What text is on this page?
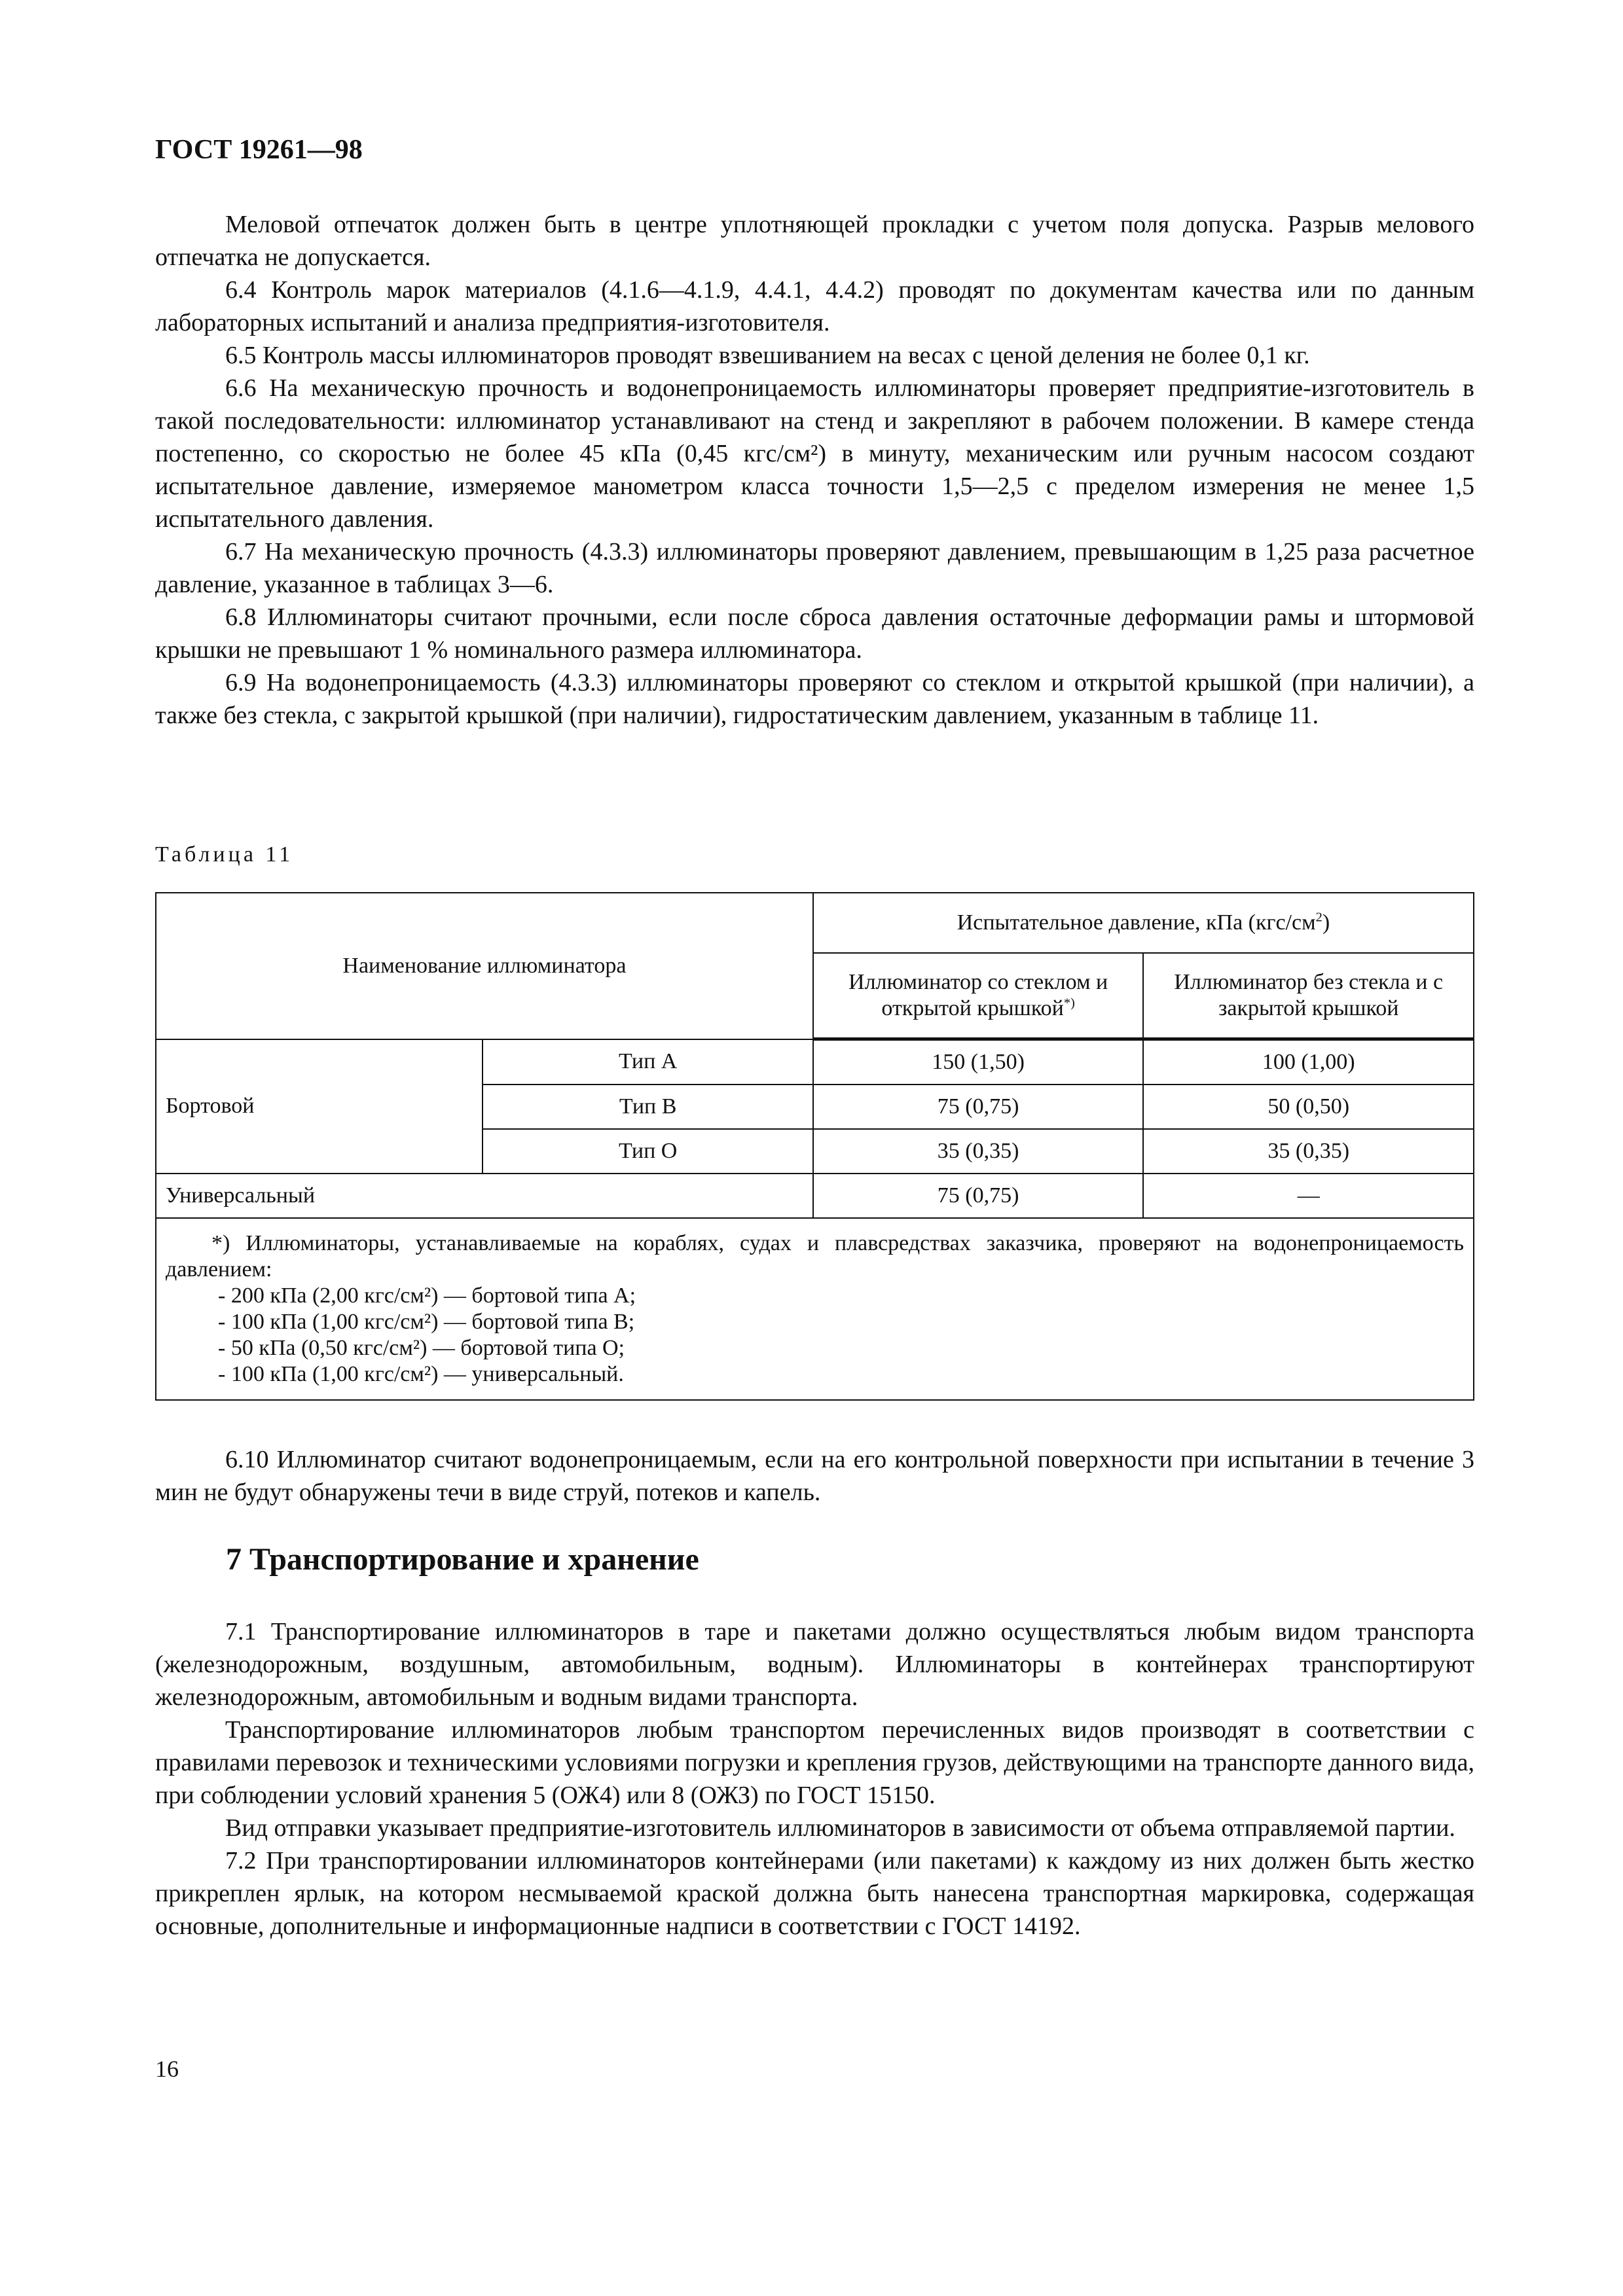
ГОСТ 19261—98

Меловой отпечаток должен быть в центре уплотняющей прокладки с учетом поля допуска. Разрыв мелового отпечатка не допускается.

6.4 Контроль марок материалов (4.1.6—4.1.9, 4.4.1, 4.4.2) проводят по документам качества или по данным лабораторных испытаний и анализа предприятия-изготовителя.

6.5 Контроль массы иллюминаторов проводят взвешиванием на весах с ценой деления не более 0,1 кг.

6.6 На механическую прочность и водонепроницаемость иллюминаторы проверяет предприятие-изготовитель в такой последовательности: иллюминатор устанавливают на стенд и закрепляют в рабочем положении. В камере стенда постепенно, со скоростью не более 45 кПа (0,45 кгс/см²) в минуту, механическим или ручным насосом создают испытательное давление, измеряемое манометром класса точности 1,5—2,5 с пределом измерения не менее 1,5 испытательного давления.

6.7 На механическую прочность (4.3.3) иллюминаторы проверяют давлением, превышающим в 1,25 раза расчетное давление, указанное в таблицах 3—6.

6.8 Иллюминаторы считают прочными, если после сброса давления остаточные деформации рамы и штормовой крышки не превышают 1 % номинального размера иллюминатора.

6.9 На водонепроницаемость (4.3.3) иллюминаторы проверяют со стеклом и открытой крышкой (при наличии), а также без стекла, с закрытой крышкой (при наличии), гидростатическим давлением, указанным в таблице 11.

Таблица 11
Наименование иллюминатора		Испытательное давление, кПа $(кгс/см^2)$	
		Иллюминатор со стеклом и открытой крышкой*)	Иллюминатор без стекла и с закрытой крышкой
Бортовой	Тип А	150 (1,50)	100 (1,00)
	Тип В	75 (0,75)	50 (0,50)
	Тип О	35 (0,35)	35 (0,35)
Универсальный		75 (0,75)	—

*) Иллюминаторы, устанавливаемые на кораблях, судах и плавсредствах заказчика, проверяют на водонепроницаемость давлением:
- 200 кПа (2,00 кгс/см²) — бортовой типа А;
- 100 кПа (1,00 кгс/см²) — бортовой типа В;
- 50 кПа (0,50 кгс/см²) — бортовой типа О;
- 100 кПа (1,00 кгс/см²) — универсальный.			

6.10 Иллюминатор считают водонепроницаемым, если на его контрольной поверхности при испытании в течение 3 мин не будут обнаружены течи в виде струй, потеков и капель.

7 Транспортирование и хранение

7.1 Транспортирование иллюминаторов в таре и пакетами должно осуществляться любым видом транспорта (железнодорожным, воздушным, автомобильным, водным). Иллюминаторы в контейнерах транспортируют железнодорожным, автомобильным и водным видами транспорта.

Транспортирование иллюминаторов любым транспортом перечисленных видов производят в соответствии с правилами перевозок и техническими условиями погрузки и крепления грузов, действующими на транспорте данного вида, при соблюдении условий хранения 5 (ОЖ4) или 8 (ОЖЗ) по ГОСТ 15150.

Вид отправки указывает предприятие-изготовитель иллюминаторов в зависимости от объема отправляемой партии.

7.2 При транспортировании иллюминаторов контейнерами (или пакетами) к каждому из них должен быть жестко прикреплен ярлык, на котором несмываемой краской должна быть нанесена транспортная маркировка, содержащая основные, дополнительные и информационные надписи в соответствии с ГОСТ 14192.

16
